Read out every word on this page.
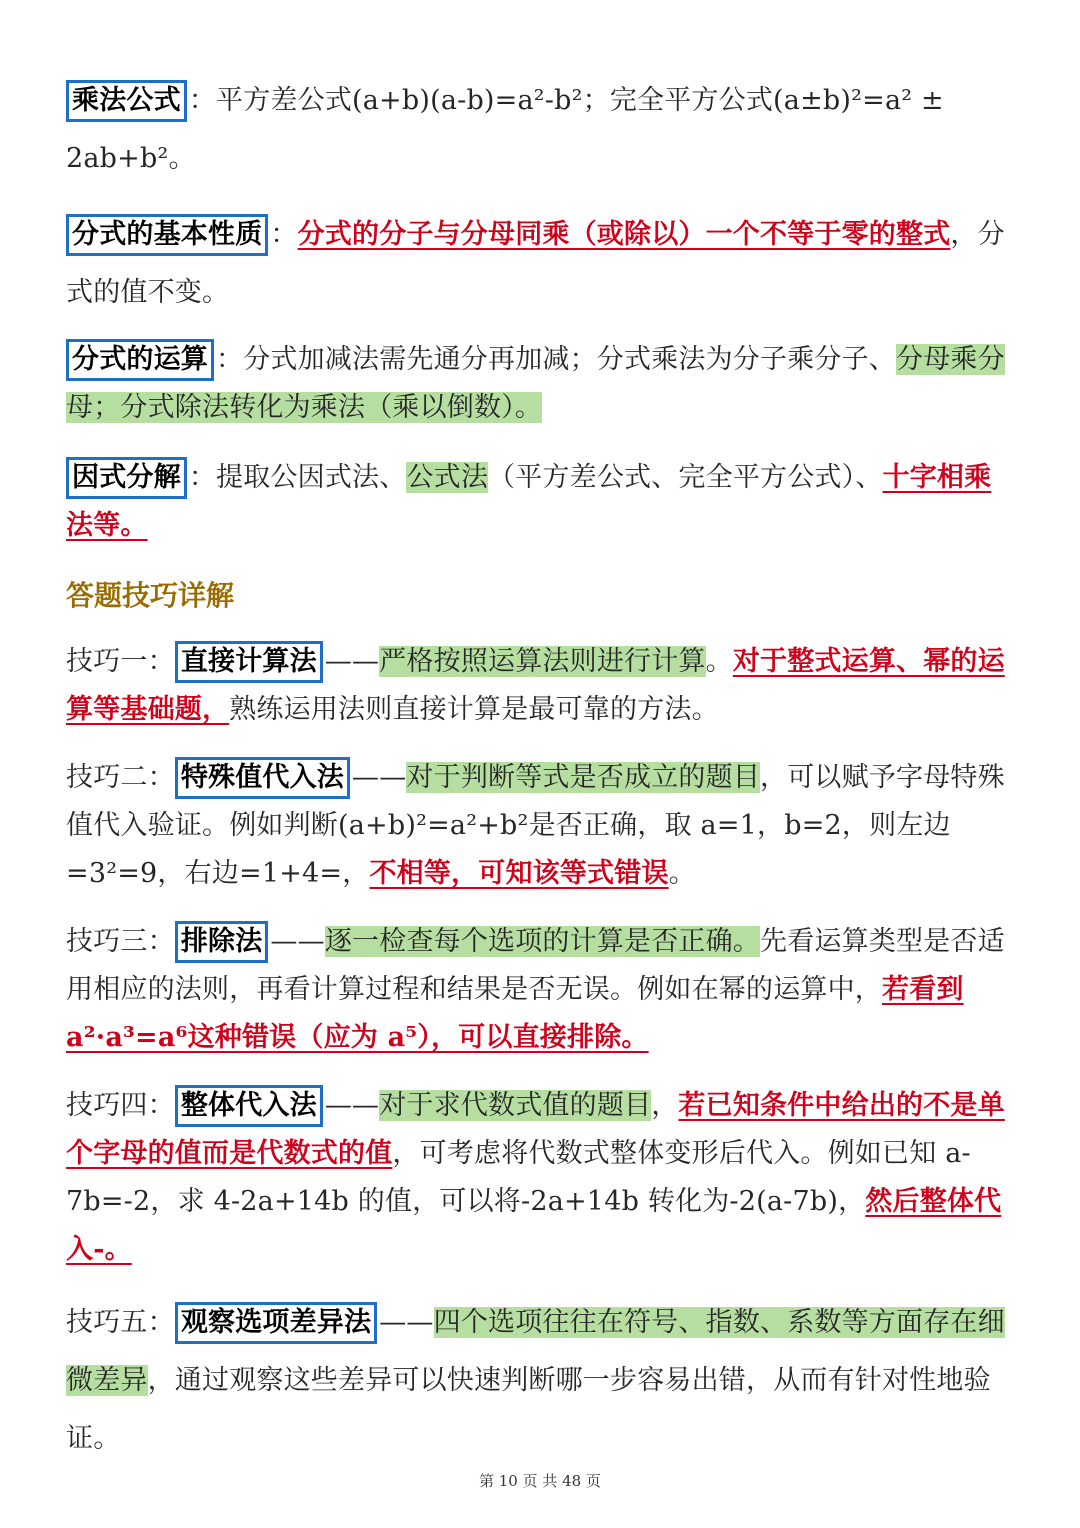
乘法公式 ：平方差公式(a+b)(a-b)=a²-b²；完全平方公式(a±b)²=a² ± 2ab+b²。
分式的基本性质 ：分式的分子与分母同乘（或除以）一个不等于零的整式，分式的值不变。
分式的运算 ：分式加减法需先通分再加减；分式乘法为分子乘分子、分母乘分母；分式除法转化为乘法（乘以倒数）。
因式分解 ：提取公因式法、公式法（平方差公式、完全平方公式）、十字相乘法等。
答题技巧详解
技巧一： 直接计算法 ——严格按照运算法则进行计算。对于整式运算、幂的运算等基础题，熟练运用法则直接计算是最可靠的方法。
技巧二： 特殊值代入法 ——对于判断等式是否成立的题目，可以赋予字母特殊值代入验证。例如判断(a+b)²=a²+b²是否正确，取 a=1，b=2，则左边=3²=9，右边=1+4=，不相等，可知该等式错误。
技巧三： 排除法 ——逐一检查每个选项的计算是否正确。先看运算类型是否适用相应的法则，再看计算过程和结果是否无误。例如在幂的运算中，若看到 a²·a³=a⁶这种错误（应为 a⁵），可以直接排除。
技巧四： 整体代入法 ——对于求代数式值的题目，若已知条件中给出的不是单个字母的值而是代数式的值，可考虑将代数式整体变形后代入。例如已知 a-7b=-2，求 4-2a+14b 的值，可以将-2a+14b 转化为-2(a-7b)，然后整体代入-。
技巧五： 观察选项差异法 ——四个选项往往在符号、指数、系数等方面存在细微差异，通过观察这些差异可以快速判断哪一步容易出错，从而有针对性地验证。
第 10 页 共 48 页
